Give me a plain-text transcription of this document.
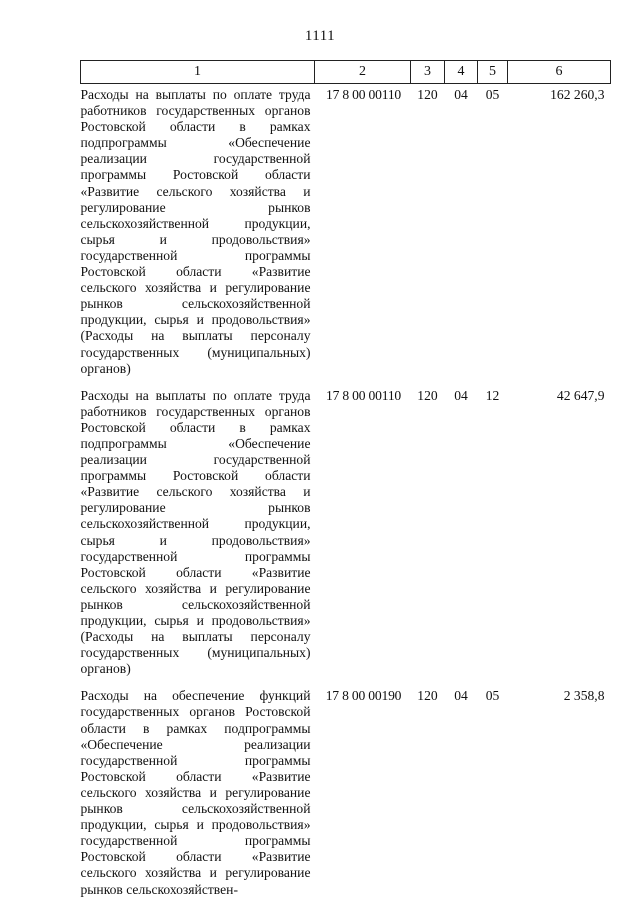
1111
1	2	3	4	5	6
Расходы на выплаты по оплате труда работников государственных органов Ростовской области в рамках подпрограммы «Обеспечение реализации государственной программы Ростовской области «Развитие сельского хозяйства и регулирование рынков сельскохозяйственной продукции, сырья и продовольствия» государственной программы Ростовской области «Развитие сельского хозяйства и регулирование рынков сельскохозяйственной продукции, сырья и продовольствия» (Расходы на выплаты персоналу государственных (муниципальных) органов)	17 8 00 00110	120	04	05	162 260,3
Расходы на выплаты по оплате труда работников государственных органов Ростовской области в рамках подпрограммы «Обеспечение реализации государственной программы Ростовской области «Развитие сельского хозяйства и регулирование рынков сельскохозяйственной продукции, сырья и продовольствия» государственной программы Ростовской области «Развитие сельского хозяйства и регулирование рынков сельскохозяйственной продукции, сырья и продовольствия» (Расходы на выплаты персоналу государственных (муниципальных) органов)	17 8 00 00110	120	04	12	42 647,9
Расходы на обеспечение функций государственных органов Ростовской области в рамках подпрограммы «Обеспечение реализации государственной программы Ростовской области «Развитие сельского хозяйства и регулирование рынков сельскохозяйственной продукции, сырья и продовольствия» государственной программы Ростовской области «Развитие сельского хозяйства и регулирование рынков сельскохозяйствен-	17 8 00 00190	120	04	05	2 358,8
